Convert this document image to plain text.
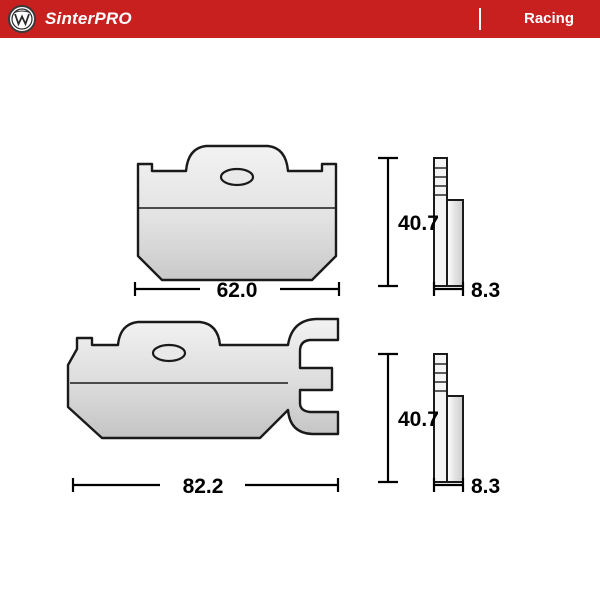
SinterPRO	Racing
40.7
62.0	8.3
40.7
82.2	8.3
